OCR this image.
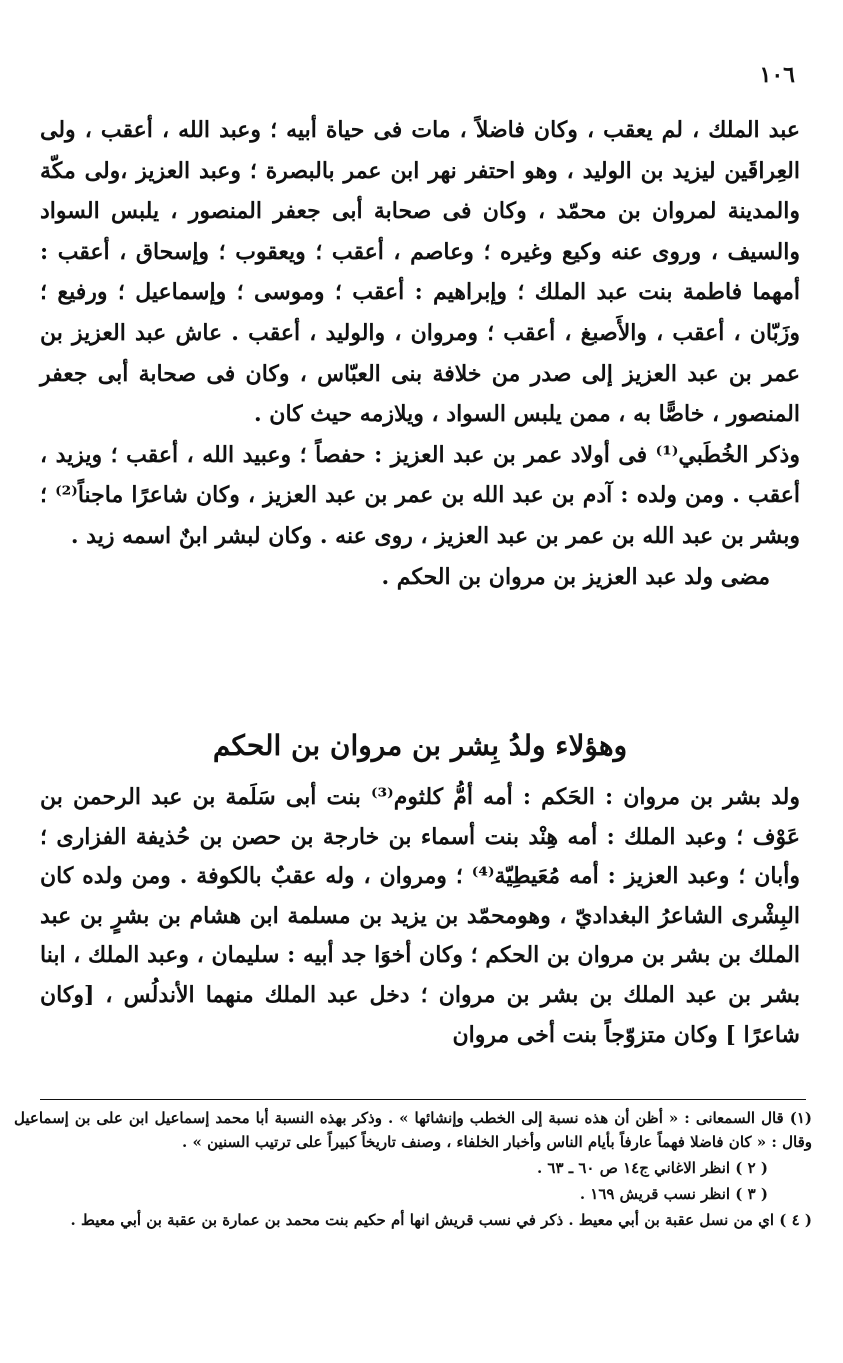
١٠٦

عبد الملك ، لم يعقب ، وكان فاضلاً ، مات فى حياة أبيه ؛ وعبد الله ، أعقب ، ولى العِراقَين ليزيد بن الوليد ، وهو احتفر نهر ابن عمر بالبصرة ؛ وعبد العزيز ،ولى مكّة والمدينة لمروان بن محمّد ، وكان فى صحابة أبى جعفر المنصور ، يلبس السواد والسيف ، وروى عنه وكيع وغيره ؛ وعاصم ، أعقب ؛ ويعقوب ؛ وإسحاق ، أعقب : أمهما فاطمة بنت عبد الملك ؛ وإبراهيم : أعقب ؛ وموسى ؛ وإسماعيل ؛ ورفيع ؛ وزَبّان ، أعقب ، والأَصبغ ، أعقب ؛ ومروان ، والوليد ، أعقب . عاش عبد العزيز بن عمر بن عبد العزيز إلى صدر من خلافة بنى العبّاس ، وكان فى صحابة أبى جعفر المنصور ، خاصًّا به ، ممن يلبس السواد ، ويلازمه حيث كان .

وذكر الخُطَبي⁽¹⁾ فى أولاد عمر بن عبد العزيز : حفصاً ؛ وعبيد الله ، أعقب ؛ ويزيد ، أعقب . ومن ولده : آدم بن عبد الله بن عمر بن عبد العزيز ، وكان شاعرًا ماجناً⁽²⁾ ؛ وبشر بن عبد الله بن عمر بن عبد العزيز ، روى عنه . وكان لبشر ابنٌ اسمه زيد .

مضى ولد عبد العزيز بن مروان بن الحكم .

وهؤلاء ولدُ بِشر بن مروان بن الحكم

ولد بشر بن مروان : الحَكم : أمه أمُّ كلثوم⁽³⁾ بنت أبى سَلَمة بن عبد الرحمن بن عَوْف ؛ وعبد الملك : أمه هِنْد بنت أسماء بن خارجة بن حصن بن حُذيفة الفزارى ؛ وأبان ؛ وعبد العزيز : أمه مُعَيطِيّة⁽⁴⁾ ؛ ومروان ، وله عقبٌ بالكوفة . ومن ولده كان البِشْرى الشاعرُ البغداديّ ، وهومحمّد بن يزيد بن مسلمة ابن هشام بن بشرٍ بن عبد الملك بن بشر بن مروان بن الحكم ؛ وكان أخوَا جد أبيه : سليمان ، وعبد الملك ، ابنا بشر بن عبد الملك بن بشر بن مروان ؛ دخل عبد الملك منهما الأندلُس ، [وكان شاعرًا ] وكان متزوّجاً بنت أخى مروان

(١) قال السمعانى : « أظن أن هذه نسبة إلى الخطب وإنشائها » . وذكر بهذه النسبة أبا محمد إسماعيل ابن على بن إسماعيل وقال : « كان فاضلا فهماً عارفاً بأيام الناس وأخبار الخلفاء ، وصنف تاريخاً كبيراً على ترتيب السنين » .

( ٢ ) انظر الاغاني ج١٤ ص ٦٠ ـ ٦٣ .

( ٣ ) انظر نسب قريش ١٦٩ .

( ٤ ) اي من نسل عقبة بن أبي معيط . ذكر في نسب قريش انها أم حكيم بنت محمد بن عمارة بن عقبة بن أبي معيط .
